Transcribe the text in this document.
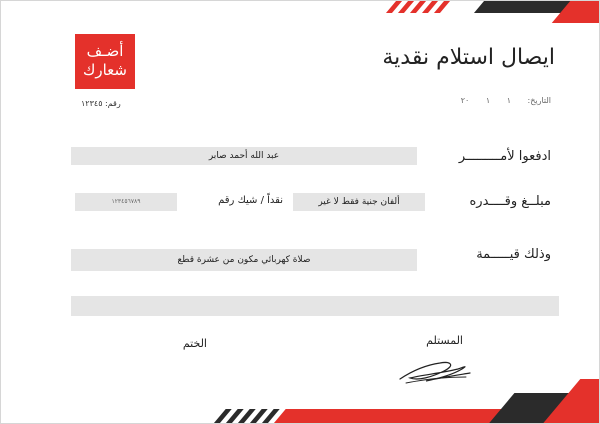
أضـف
شعارك
رقم: ١٢٣٤٥
ايصال استلام نقدية
التاريخ: ١ ١ ٢٠
ادفعوا لأمـــــــــر
عبد الله أحمد صابر
مبلــغ وقــــدره
ألفان جنية فقط لا غير
نقداً / شيك رقم
١٢٣٤٥٦٧٨٩
وذلك قيـــــمة
صلاة كهربائي مكون من عشرة قطع
المستلم
الختم
